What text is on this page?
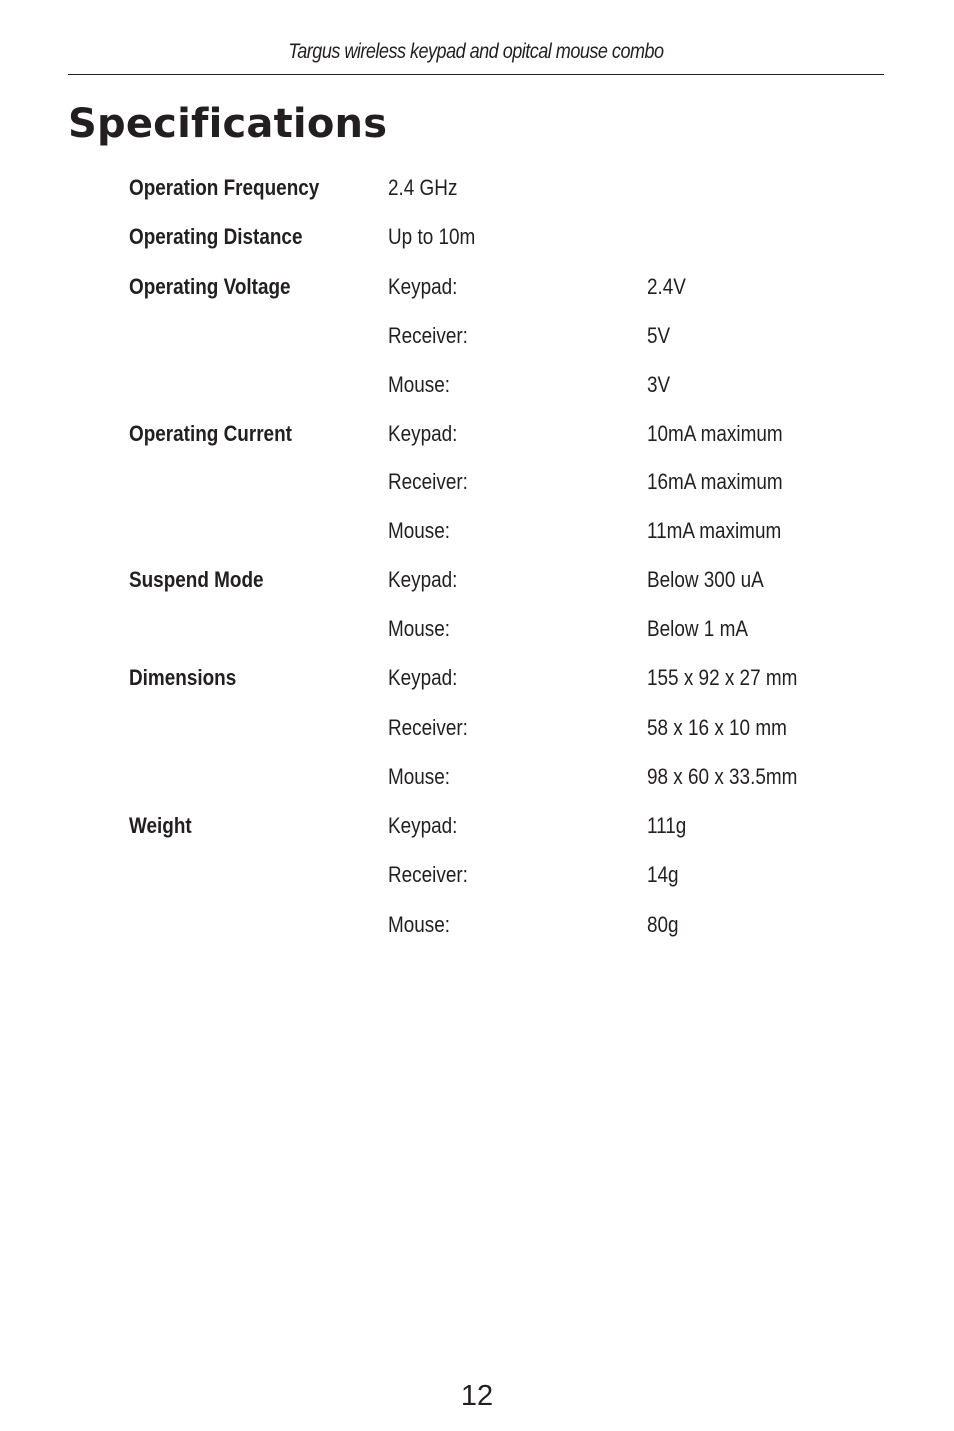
Targus wireless keypad and opitcal mouse combo
Specifications
Operation Frequency	2.4 GHz
Operating Distance	Up to 10m
Operating Voltage	Keypad:	2.4V
Receiver:	5V
Mouse:	3V
Operating Current	Keypad:	10mA maximum
Receiver:	16mA maximum
Mouse:	11mA maximum
Suspend Mode	Keypad:	Below 300 uA
Mouse:	Below 1 mA
Dimensions	Keypad:	155 x 92 x 27 mm
Receiver:	58 x 16 x 10 mm
Mouse:	98 x 60 x 33.5mm
Weight	Keypad:	111g
Receiver:	14g
Mouse:	80g
12
